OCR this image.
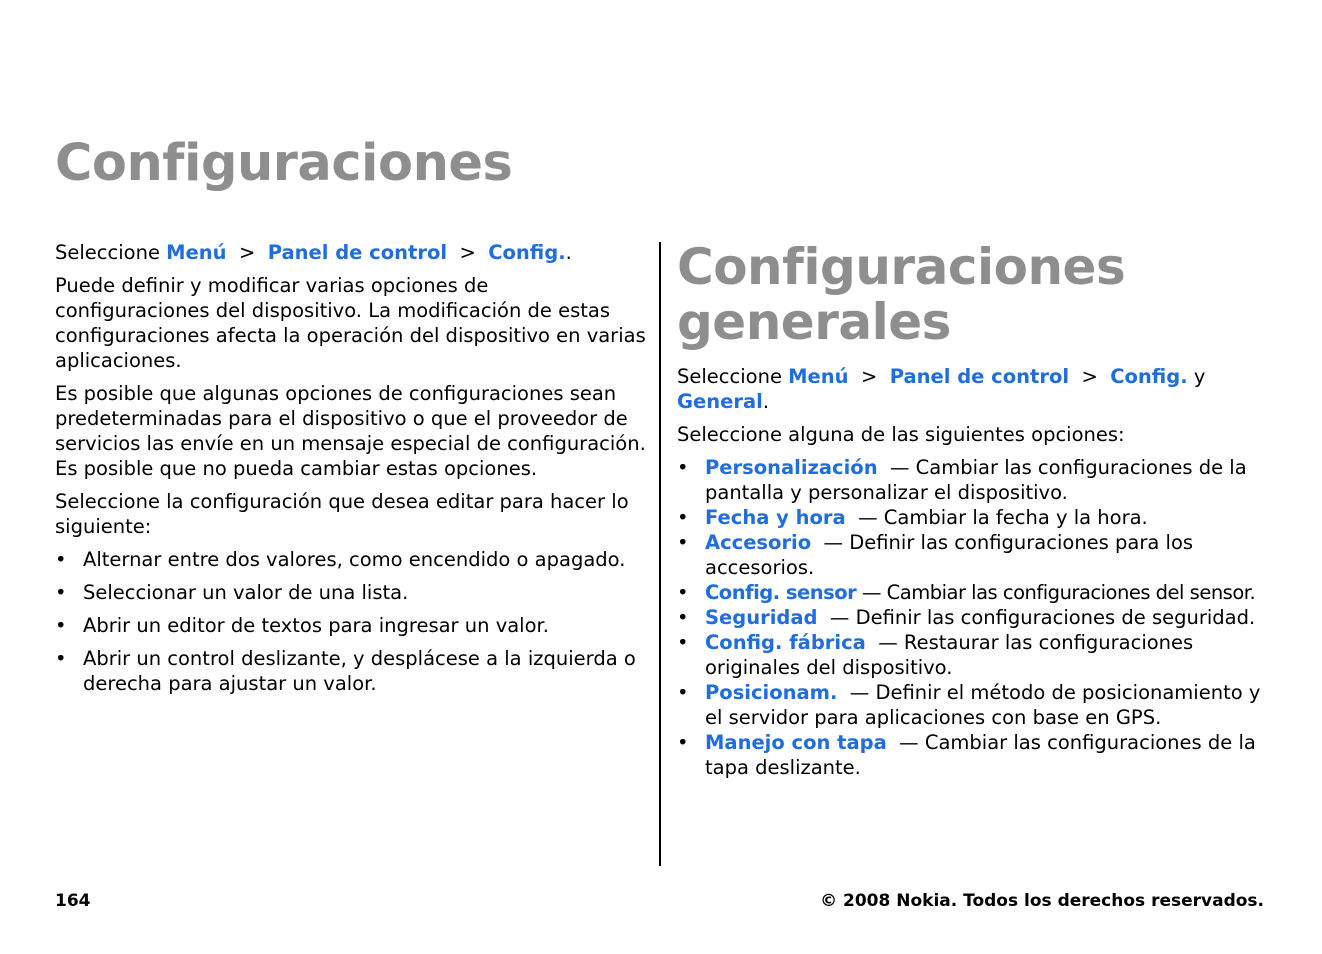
Configuraciones

Seleccione Menú > Panel de control > Config..

Puede definir y modificar varias opciones de configuraciones del dispositivo. La modificación de estas configuraciones afecta la operación del dispositivo en varias aplicaciones.

Es posible que algunas opciones de configuraciones sean predeterminadas para el dispositivo o que el proveedor de servicios las envíe en un mensaje especial de configuración. Es posible que no pueda cambiar estas opciones.

Seleccione la configuración que desea editar para hacer lo siguiente:

• Alternar entre dos valores, como encendido o apagado.
• Seleccionar un valor de una lista.
• Abrir un editor de textos para ingresar un valor.
• Abrir un control deslizante, y desplácese a la izquierda o derecha para ajustar un valor.
Configuraciones generales

Seleccione Menú > Panel de control > Config. y General.

Seleccione alguna de las siguientes opciones:

• Personalización  — Cambiar las configuraciones de la pantalla y personalizar el dispositivo.
• Fecha y hora  — Cambiar la fecha y la hora.
• Accesorio  — Definir las configuraciones para los accesorios.
• Config. sensor — Cambiar las configuraciones del sensor.
• Seguridad  — Definir las configuraciones de seguridad.
• Config. fábrica  — Restaurar las configuraciones originales del dispositivo.
• Posicionam.  — Definir el método de posicionamiento y el servidor para aplicaciones con base en GPS.
• Manejo con tapa  — Cambiar las configuraciones de la tapa deslizante.
164	© 2008 Nokia. Todos los derechos reservados.
